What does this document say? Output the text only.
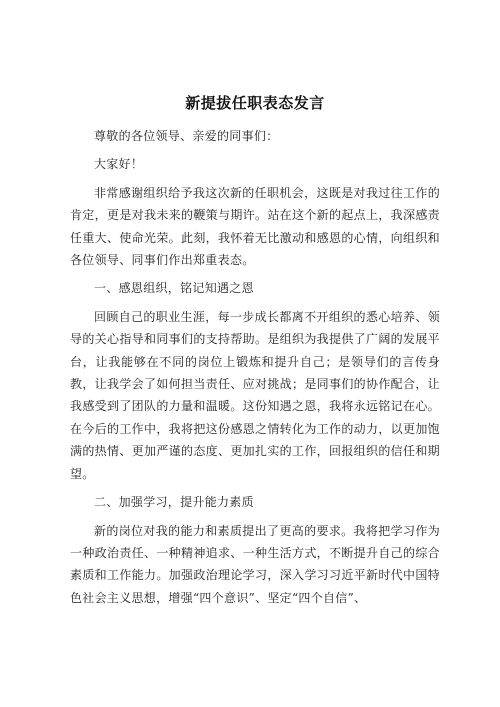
新提拔任职表态发言
尊敬的各位领导、亲爱的同事们：
大家好！
非常感谢组织给予我这次新的任职机会，这既是对我过往工作的肯定，更是对我未来的鞭策与期许。站在这个新的起点上，我深感责任重大、使命光荣。此刻，我怀着无比激动和感恩的心情，向组织和各位领导、同事们作出郑重表态。
一、感恩组织，铭记知遇之恩
回顾自己的职业生涯，每一步成长都离不开组织的悉心培养、领导的关心指导和同事们的支持帮助。是组织为我提供了广阔的发展平台，让我能够在不同的岗位上锻炼和提升自己；是领导们的言传身教，让我学会了如何担当责任、应对挑战；是同事们的协作配合，让我感受到了团队的力量和温暖。这份知遇之恩，我将永远铭记在心。在今后的工作中，我将把这份感恩之情转化为工作的动力，以更加饱满的热情、更加严谨的态度、更加扎实的工作，回报组织的信任和期望。
二、加强学习，提升能力素质
新的岗位对我的能力和素质提出了更高的要求。我将把学习作为一种政治责任、一种精神追求、一种生活方式，不断提升自己的综合素质和工作能力。加强政治理论学习，深入学习习近平新时代中国特色社会主义思想，增强“四个意识”、坚定“四个自信”、
